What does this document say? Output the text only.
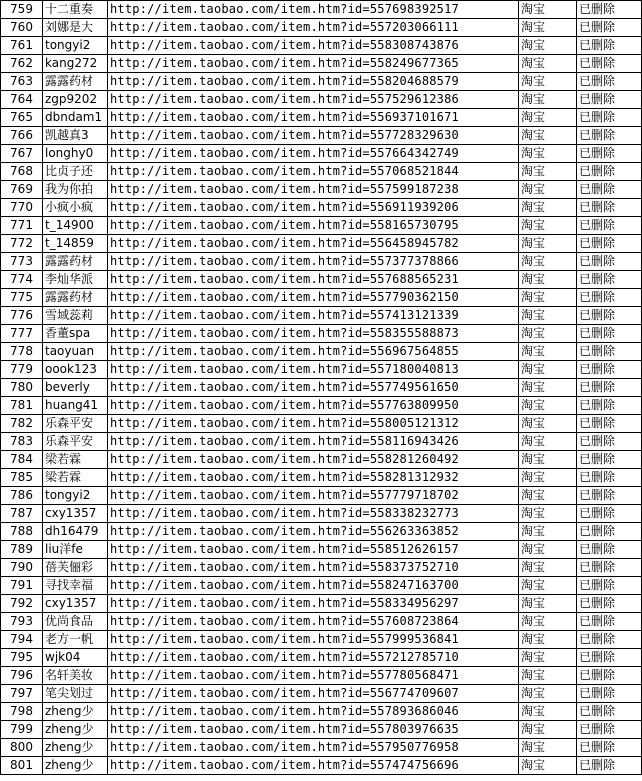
759	十二重奏	http://item.taobao.com/item.htm?id=557698392517	淘宝	已删除
760	刘娜是大	http://item.taobao.com/item.htm?id=557203066111	淘宝	已删除
761	tongyi2	http://item.taobao.com/item.htm?id=558308743876	淘宝	已删除
762	kang272	http://item.taobao.com/item.htm?id=558249677365	淘宝	已删除
763	露露药材	http://item.taobao.com/item.htm?id=558204688579	淘宝	已删除
764	zgp9202	http://item.taobao.com/item.htm?id=557529612386	淘宝	已删除
765	dbndam1	http://item.taobao.com/item.htm?id=556937101671	淘宝	已删除
766	凯越真3	http://item.taobao.com/item.htm?id=557728329630	淘宝	已删除
767	longhy0	http://item.taobao.com/item.htm?id=557664342749	淘宝	已删除
768	比贞子还	http://item.taobao.com/item.htm?id=557068521844	淘宝	已删除
769	我为你拍	http://item.taobao.com/item.htm?id=557599187238	淘宝	已删除
770	小疯小疯	http://item.taobao.com/item.htm?id=556911939206	淘宝	已删除
771	t_14900	http://item.taobao.com/item.htm?id=558165730795	淘宝	已删除
772	t_14859	http://item.taobao.com/item.htm?id=556458945782	淘宝	已删除
773	露露药材	http://item.taobao.com/item.htm?id=557377378866	淘宝	已删除
774	李灿华派	http://item.taobao.com/item.htm?id=557688565231	淘宝	已删除
775	露露药材	http://item.taobao.com/item.htm?id=557790362150	淘宝	已删除
776	雪域蕊莉	http://item.taobao.com/item.htm?id=557413121339	淘宝	已删除
777	香董spa	http://item.taobao.com/item.htm?id=558355588873	淘宝	已删除
778	taoyuan	http://item.taobao.com/item.htm?id=556967564855	淘宝	已删除
779	oook123	http://item.taobao.com/item.htm?id=557180040813	淘宝	已删除
780	beverly	http://item.taobao.com/item.htm?id=557749561650	淘宝	已删除
781	huang41	http://item.taobao.com/item.htm?id=557763809950	淘宝	已删除
782	乐森平安	http://item.taobao.com/item.htm?id=558005121312	淘宝	已删除
783	乐森平安	http://item.taobao.com/item.htm?id=558116943426	淘宝	已删除
784	梁若霖	http://item.taobao.com/item.htm?id=558281260492	淘宝	已删除
785	梁若霖	http://item.taobao.com/item.htm?id=558281312932	淘宝	已删除
786	tongyi2	http://item.taobao.com/item.htm?id=557779718702	淘宝	已删除
787	cxy1357	http://item.taobao.com/item.htm?id=558338232773	淘宝	已删除
788	dh16479	http://item.taobao.com/item.htm?id=556263363852	淘宝	已删除
789	liu洋fe	http://item.taobao.com/item.htm?id=558512626157	淘宝	已删除
790	蓓芙俪彩	http://item.taobao.com/item.htm?id=558373752710	淘宝	已删除
791	寻找幸福	http://item.taobao.com/item.htm?id=558247163700	淘宝	已删除
792	cxy1357	http://item.taobao.com/item.htm?id=558334956297	淘宝	已删除
793	优尚食品	http://item.taobao.com/item.htm?id=557608723864	淘宝	已删除
794	老方一帆	http://item.taobao.com/item.htm?id=557999536841	淘宝	已删除
795	wjk04	http://item.taobao.com/item.htm?id=557212785710	淘宝	已删除
796	名轩美妆	http://item.taobao.com/item.htm?id=557780568471	淘宝	已删除
797	笔尖划过	http://item.taobao.com/item.htm?id=556774709607	淘宝	已删除
798	zheng少	http://item.taobao.com/item.htm?id=557893686046	淘宝	已删除
799	zheng少	http://item.taobao.com/item.htm?id=557803976635	淘宝	已删除
800	zheng少	http://item.taobao.com/item.htm?id=557950776958	淘宝	已删除
801	zheng少	http://item.taobao.com/item.htm?id=557474756696	淘宝	已删除
